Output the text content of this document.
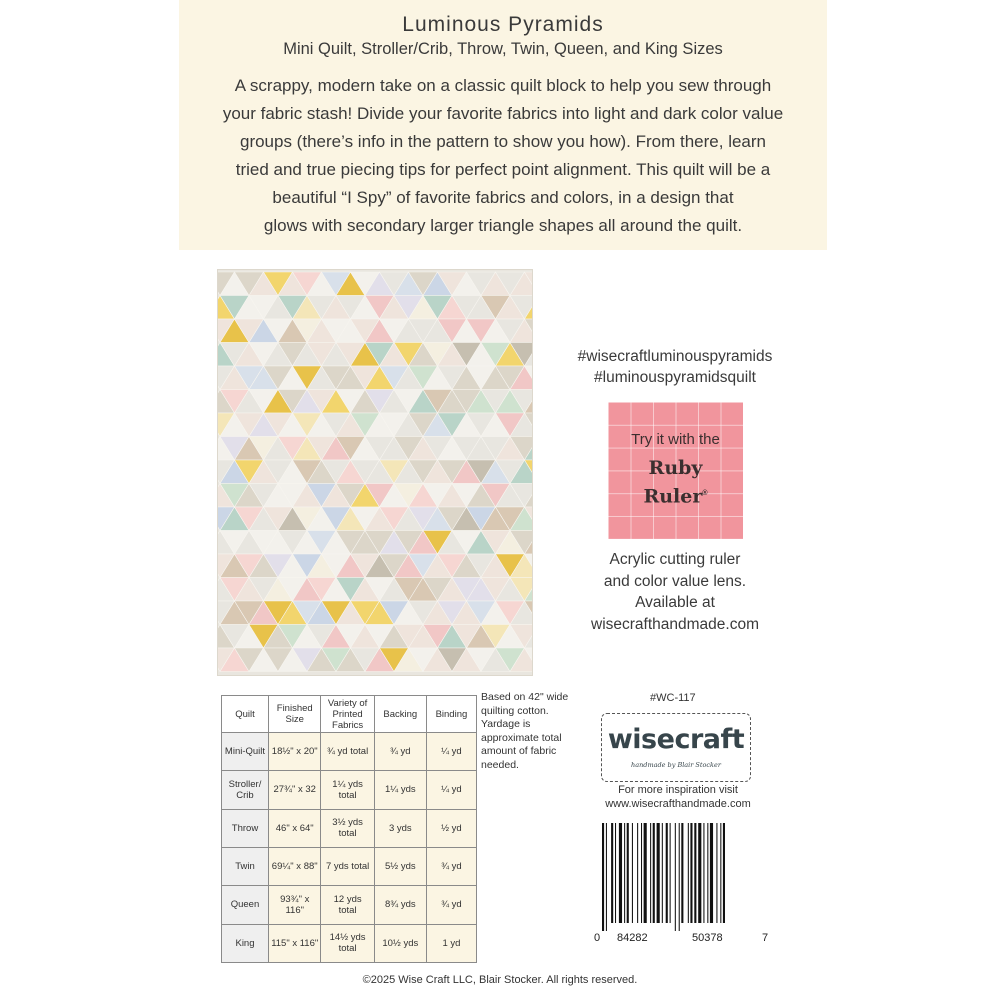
Luminous Pyramids
Mini Quilt, Stroller/Crib, Throw, Twin, Queen, and King Sizes
A scrappy, modern take on a classic quilt block to help you sew through
your fabric stash! Divide your favorite fabrics into light and dark color value
groups (there’s info in the pattern to show you how). From there, learn
tried and true piecing tips for perfect point alignment. This quilt will be a
beautiful “I Spy” of favorite fabrics and colors, in a design that
glows with secondary larger triangle shapes all around the quilt.
#wisecraftluminouspyramids
#luminouspyramidsquilt
Try it with the
Ruby
Ruler®
Acrylic cutting ruler
and color value lens.
Available at
wisecrafthandmade.com
Quilt	Finished Size	Variety of Printed Fabrics	Backing	Binding
Mini-Quilt	18½" x 20"	¾ yd total	¾ yd	¼ yd
Stroller/ Crib	27¾" x 32	1¼ yds total	1¼ yds	¼ yd
Throw	46" x 64"	3½ yds total	3 yds	½ yd
Twin	69¼" x 88"	7 yds total	5½ yds	¾ yd
Queen	93¾" x 116"	12 yds total	8¾ yds	¾ yd
King	115" x 116"	14½ yds total	10½ yds	1 yd
Based on 42" wide quilting cotton. Yardage is approximate total amount of fabric needed.
#WC-117
wisecraft
handmade by Blair Stocker
For more inspiration visit
www.wisecrafthandmade.com
0 84282	50378	7
©2025 Wise Craft LLC, Blair Stocker. All rights reserved.
